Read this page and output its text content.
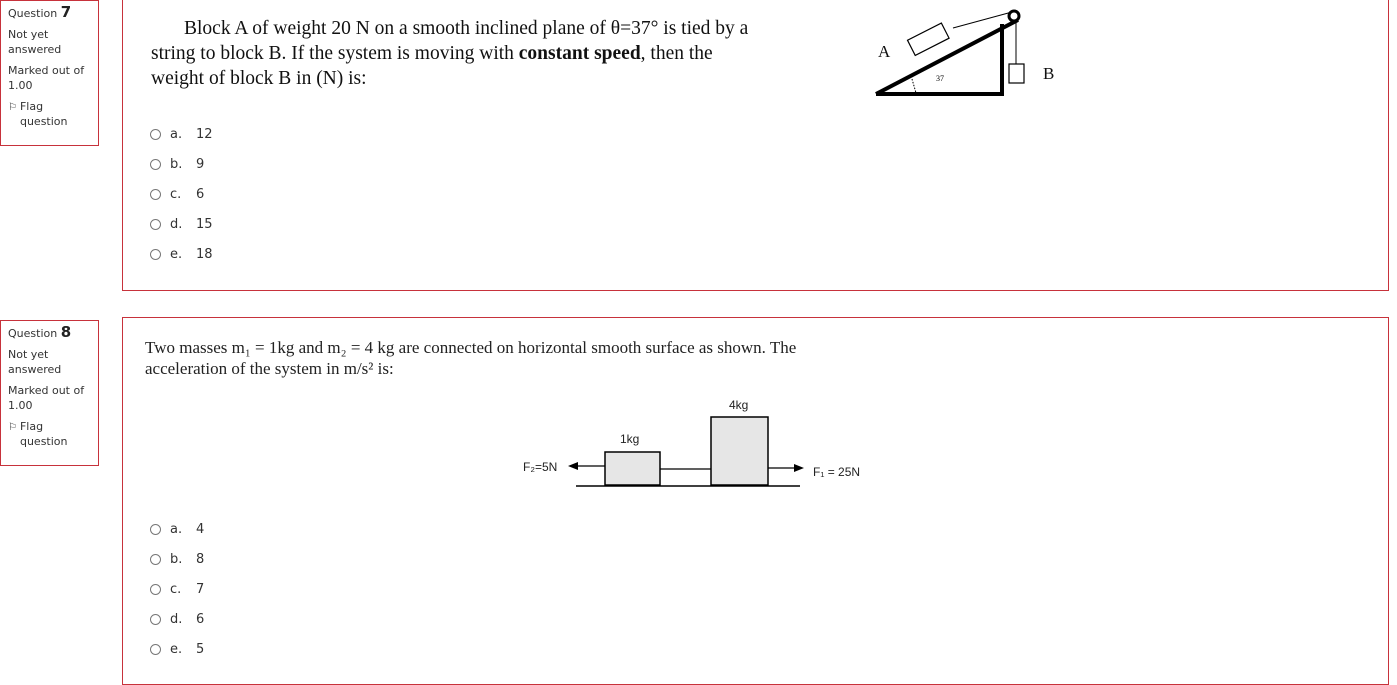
Question 7
Not yet answered
Marked out of 1.00
⚐ Flag question
Block A of weight 20 N on a smooth inclined plane of θ=37° is tied by a
string to block B. If the system is moving with constant speed, then the
weight of block B in (N) is:	37
A
B
a.	12
b.	9
c.	6
d.	15
e.	18
Question 8
Not yet answered
Marked out of 1.00
⚐ Flag question
Two masses m₁ = 1kg and m₂ = 4 kg are connected on horizontal smooth surface as shown. The
acceleration of the system in m/s² is:
4kg
1kg
F₂=5N	F₁ = 25N
a.	4
b.	8
c.	7
d.	6
e.	5
